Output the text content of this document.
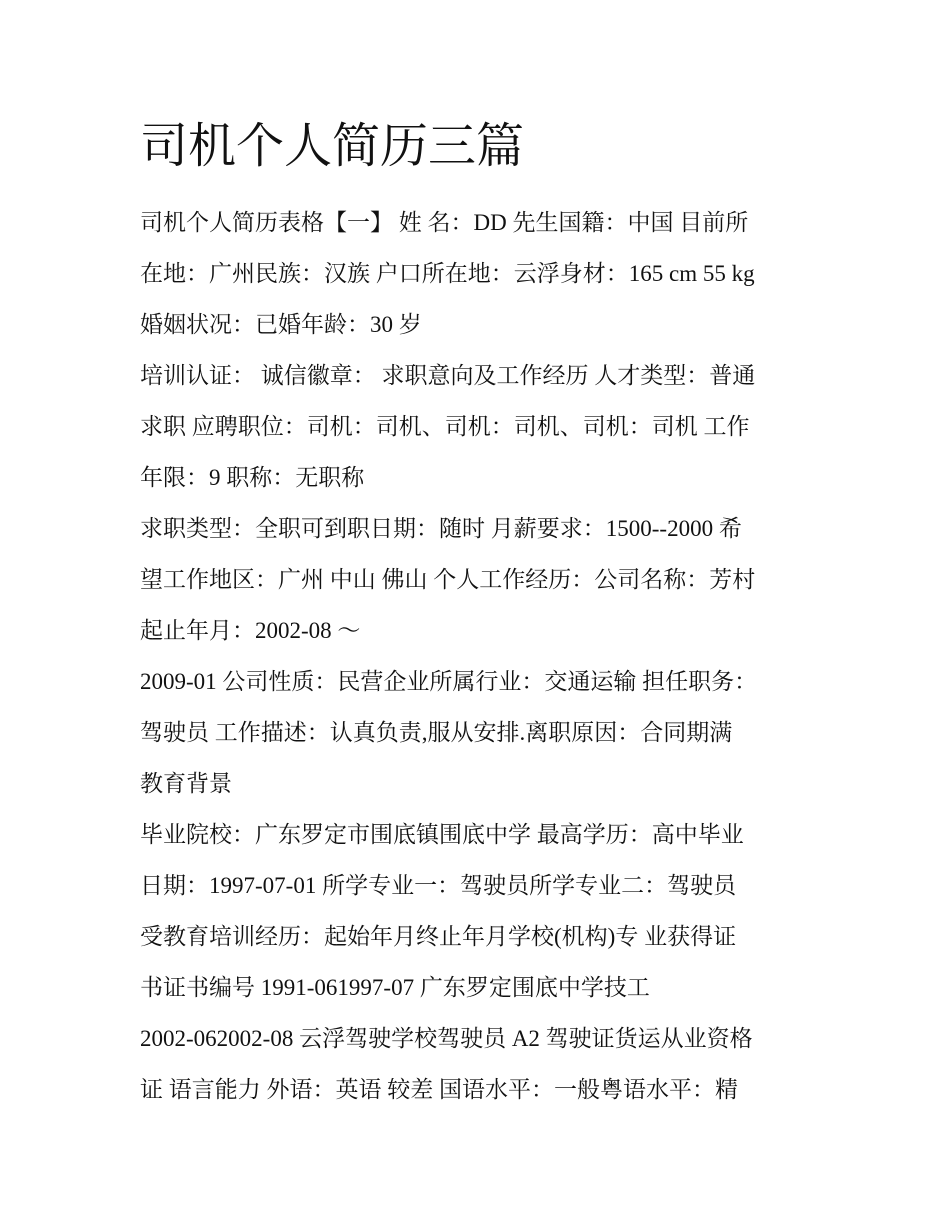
司机个人简历三篇
司机个人简历表格【一】 姓 名：DD 先生国籍：中国 目前所
在地：广州民族：汉族 户口所在地：云浮身材：165 cm 55 kg
婚姻状况：已婚年龄：30 岁
培训认证： 诚信徽章： 求职意向及工作经历 人才类型：普通
求职 应聘职位：司机：司机、司机：司机、司机：司机 工作
年限：9 职称：无职称
求职类型：全职可到职日期：随时 月薪要求：1500--2000 希
望工作地区：广州 中山 佛山 个人工作经历：公司名称：芳村
起止年月：2002-08 ～
2009-01 公司性质：民营企业所属行业：交通运输 担任职务：
驾驶员 工作描述：认真负责,服从安排.离职原因：合同期满
教育背景
毕业院校：广东罗定市围底镇围底中学 最高学历：高中毕业
日期：1997-07-01 所学专业一：驾驶员所学专业二：驾驶员
受教育培训经历：起始年月终止年月学校(机构)专 业获得证
书证书编号 1991-061997-07 广东罗定围底中学技工
2002-062002-08 云浮驾驶学校驾驶员 A2 驾驶证货运从业资格
证 语言能力 外语：英语 较差 国语水平：一般粤语水平：精
